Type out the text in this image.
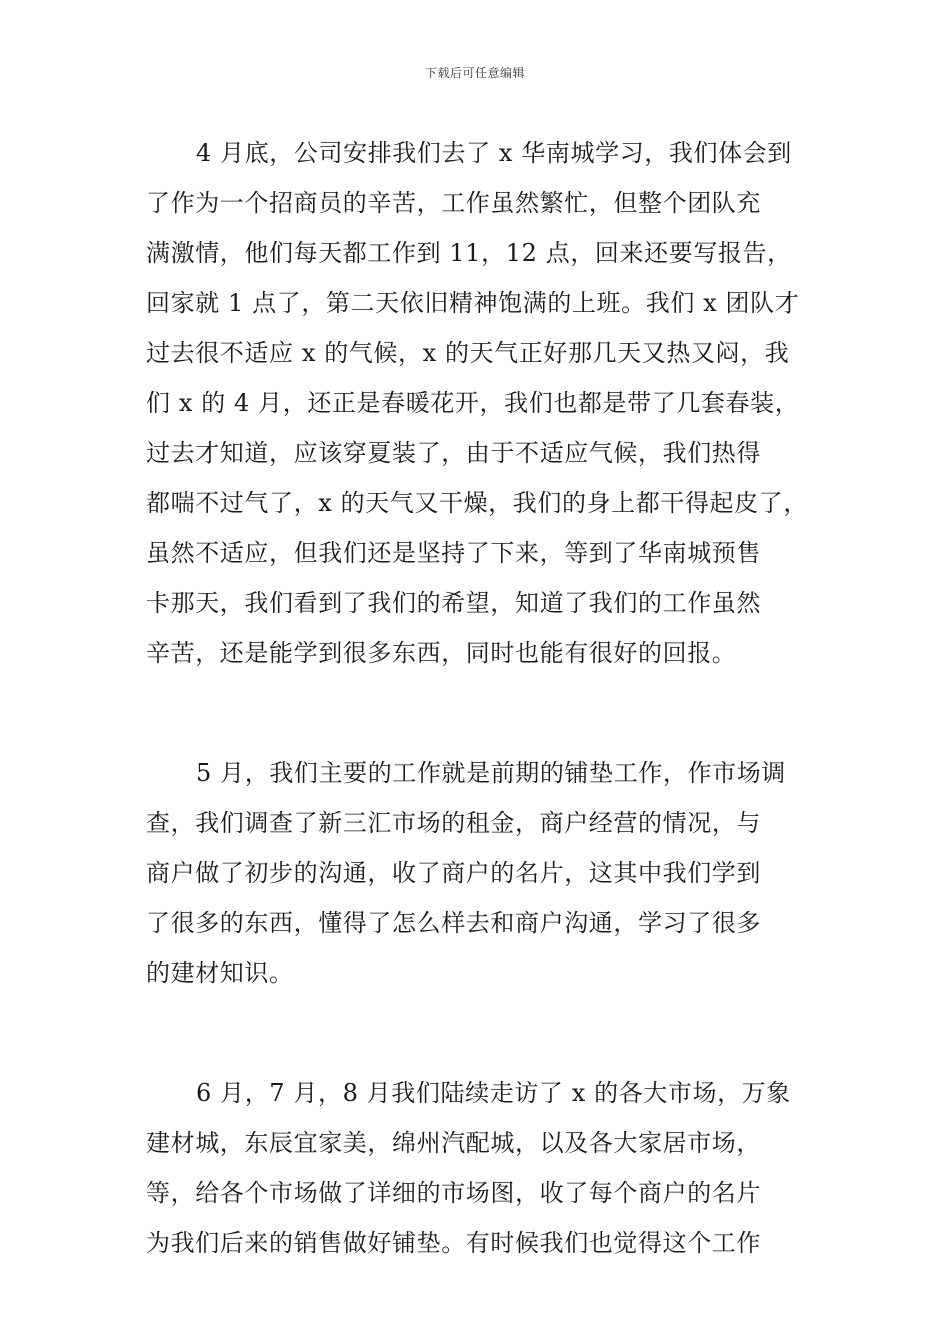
下载后可任意编辑
4 月底，公司安排我们去了 x 华南城学习，我们体会到
了作为一个招商员的辛苦，工作虽然繁忙，但整个团队充
满激情，他们每天都工作到 11，12 点，回来还要写报告，
回家就 1 点了，第二天依旧精神饱满的上班。我们 x 团队才
过去很不适应 x 的气候，x 的天气正好那几天又热又闷，我
们 x 的 4 月，还正是春暖花开，我们也都是带了几套春装，
过去才知道，应该穿夏装了，由于不适应气候，我们热得
都喘不过气了，x 的天气又干燥，我们的身上都干得起皮了，
虽然不适应，但我们还是坚持了下来，等到了华南城预售
卡那天，我们看到了我们的希望，知道了我们的工作虽然
辛苦，还是能学到很多东西，同时也能有很好的回报。
5 月，我们主要的工作就是前期的铺垫工作，作市场调
查，我们调查了新三汇市场的租金，商户经营的情况，与
商户做了初步的沟通，收了商户的名片，这其中我们学到
了很多的东西，懂得了怎么样去和商户沟通，学习了很多
的建材知识。
6 月，7 月，8 月我们陆续走访了 x 的各大市场，万象
建材城，东辰宜家美，绵州汽配城，以及各大家居市场，
等，给各个市场做了详细的市场图，收了每个商户的名片
为我们后来的销售做好铺垫。有时候我们也觉得这个工作
